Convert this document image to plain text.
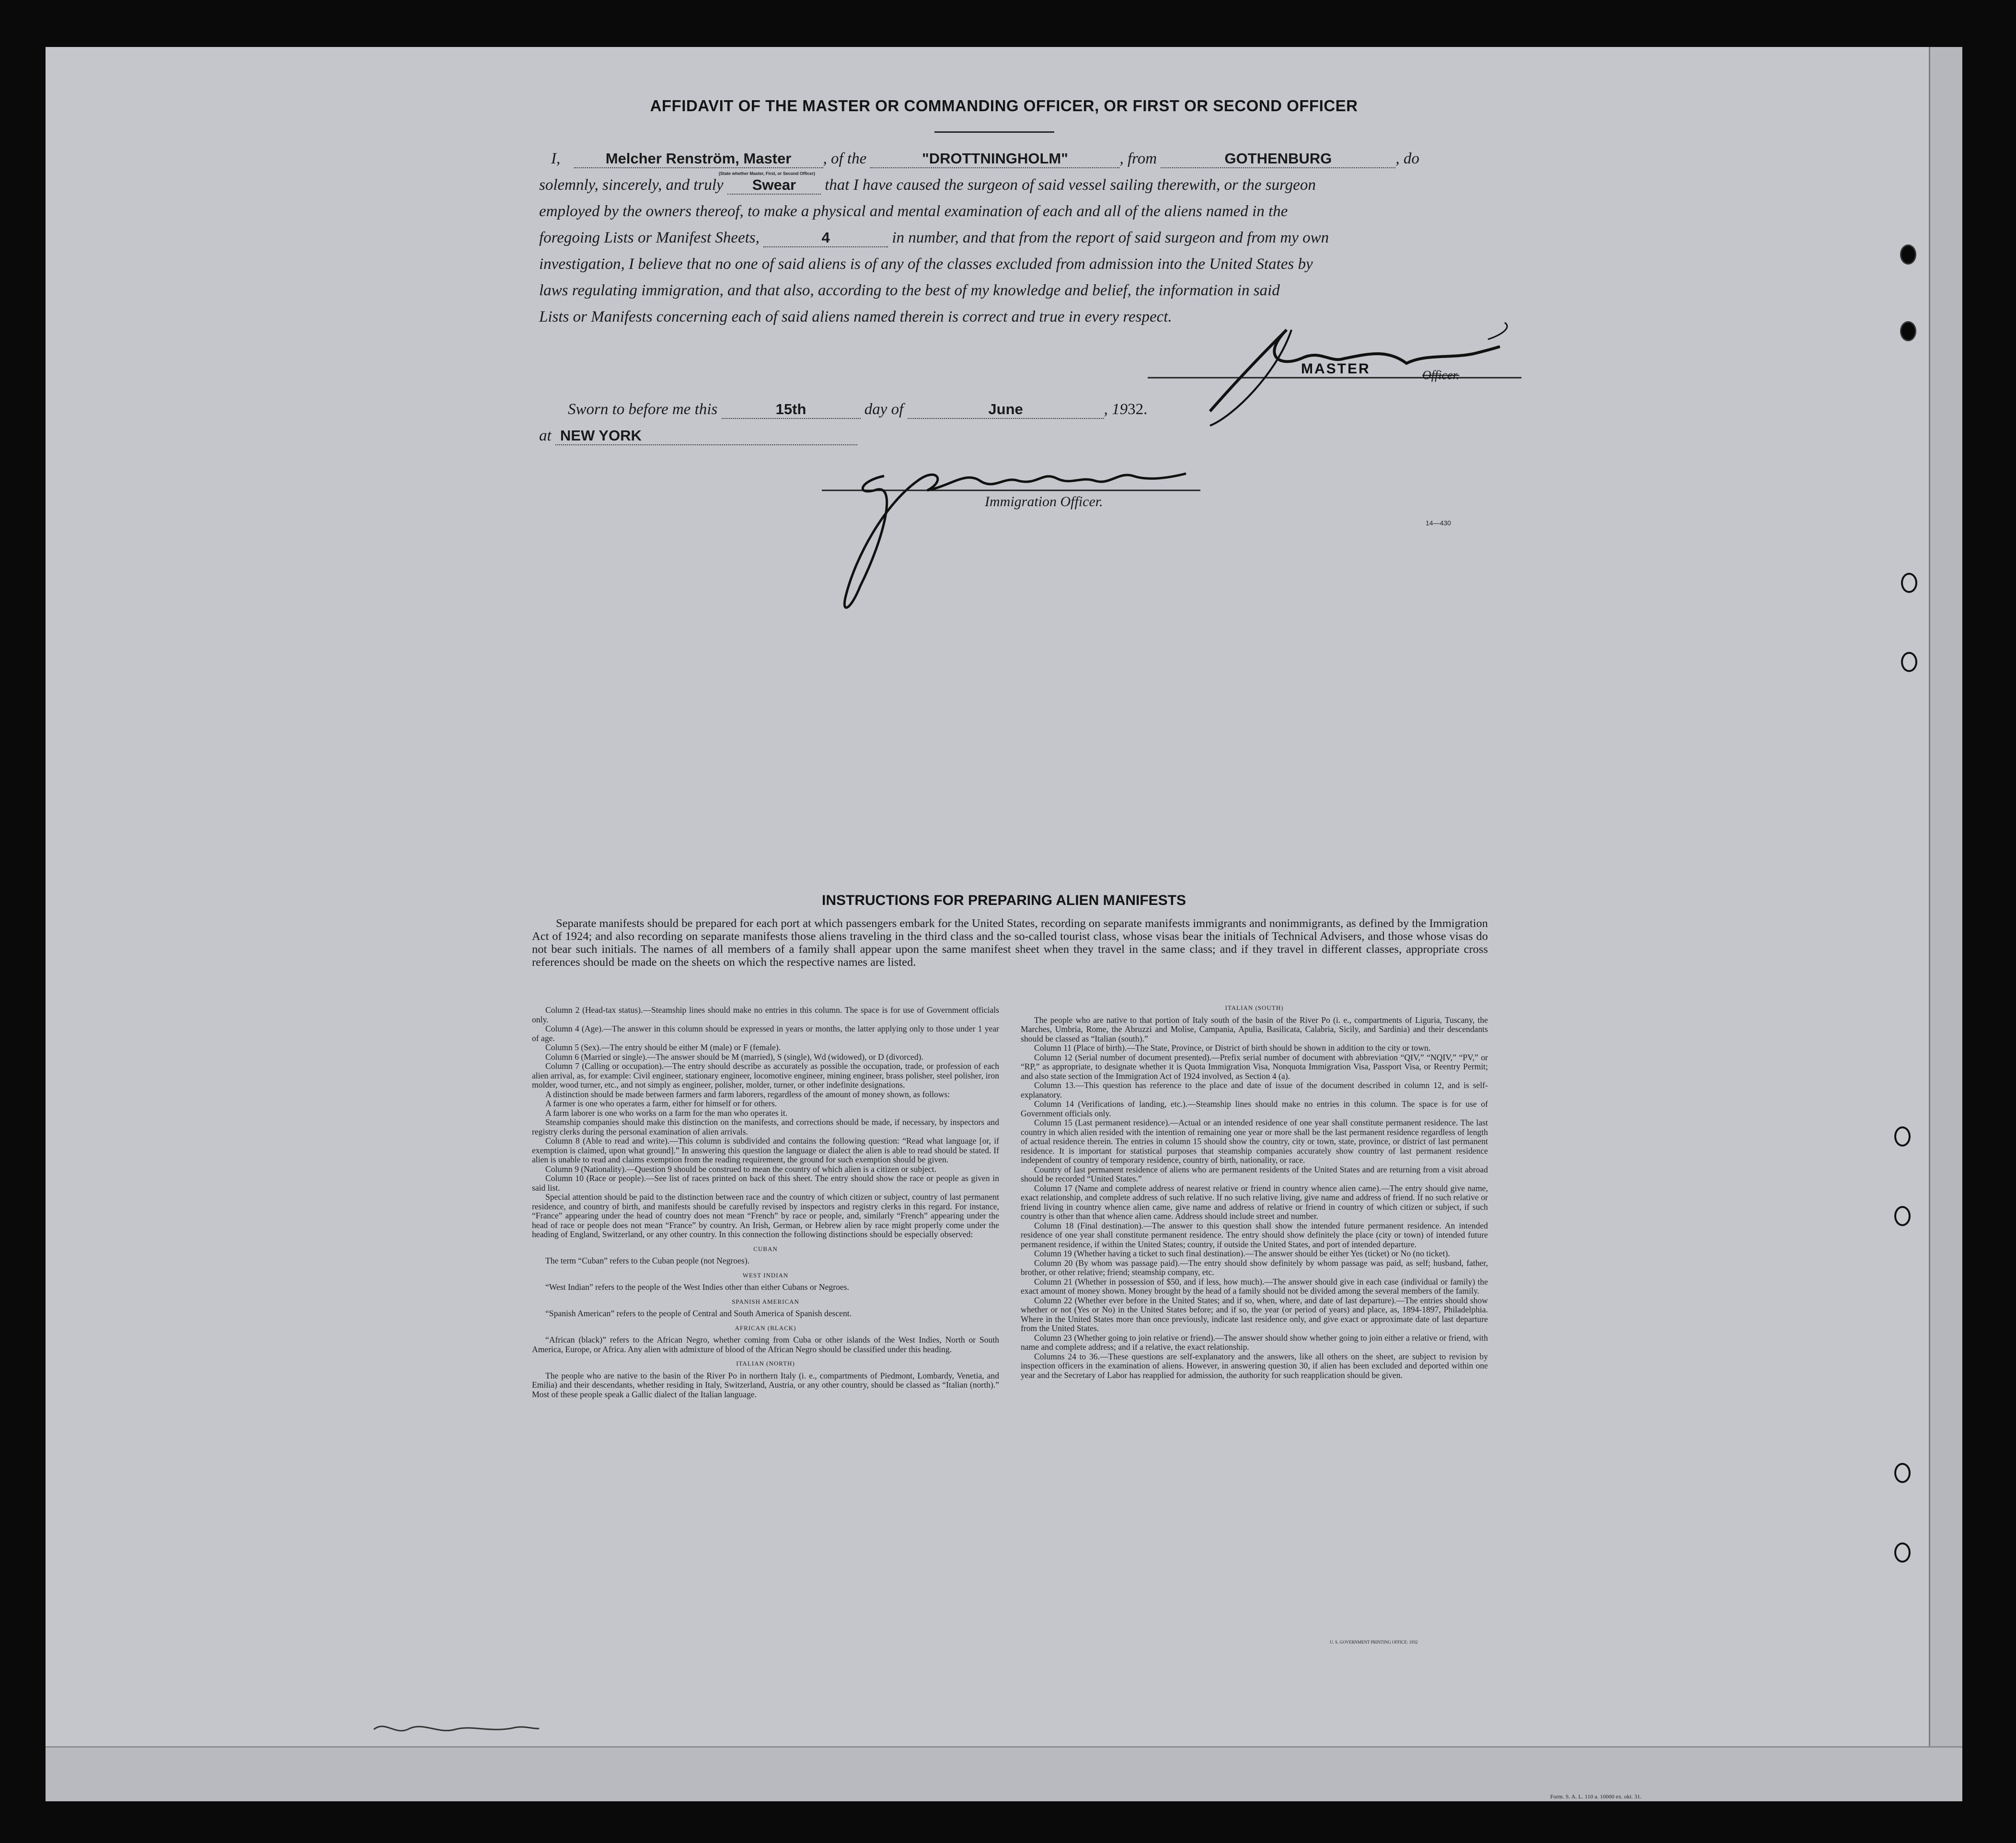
AFFIDAVIT OF THE MASTER OR COMMANDING OFFICER, OR FIRST OR SECOND OFFICER
I,	Melcher Renström, Master , of the	"DROTTNINGHOLM"	, from	GOTHENBURG	, do
solemnly, sincerely, and truly Swear
(State whether Master, First, or Second Officer)
that I have caused the surgeon of said vessel sailing therewith, or the surgeon
employed by the owners thereof, to make a physical and mental examination of each and all of the aliens named in the
foregoing Lists or Manifest Sheets,	4	in number, and that from the report of said surgeon and from my own
investigation, I believe that no one of said aliens is of any of the classes excluded from admission into the United States by
laws regulating immigration, and that also, according to the best of my knowledge and belief, the information in said
Lists or Manifests concerning each of said aliens named therein is correct and true in every respect.
MASTER	Officer.
Sworn to before me this	15th	day of	June	, 1932.
at NEW YORK
Immigration Officer.
14—430
INSTRUCTIONS FOR PREPARING ALIEN MANIFESTS
Separate manifests should be prepared for each port at which passengers embark for the United States, recording on separate manifests immigrants and nonimmigrants, as defined by the Immigration Act of 1924; and also recording on separate manifests those aliens traveling in the third class and the so-called tourist class, whose visas bear the initials of Technical Advisers, and those whose visas do not bear such initials. The names of all members of a family shall appear upon the same manifest sheet when they travel in the same class; and if they travel in different classes, appropriate cross references should be made on the sheets on which the respective names are listed.

Column 2 (Head-tax status).—Steamship lines should make no entries in this column. The space is for use of Government officials only.

Column 4 (Age).—The answer in this column should be expressed in years or months, the latter applying only to those under 1 year of age.

Column 5 (Sex).—The entry should be either M (male) or F (female).

Column 6 (Married or single).—The answer should be M (married), S (single), Wd (widowed), or D (divorced).

Column 7 (Calling or occupation).—The entry should describe as accurately as possible the occupation, trade, or profession of each alien arrival, as, for example: Civil engineer, stationary engineer, locomotive engineer, mining engineer, brass polisher, steel polisher, iron molder, wood turner, etc., and not simply as engineer, polisher, molder, turner, or other indefinite designations.

A distinction should be made between farmers and farm laborers, regardless of the amount of money shown, as follows:

A farmer is one who operates a farm, either for himself or for others.

A farm laborer is one who works on a farm for the man who operates it.

Steamship companies should make this distinction on the manifests, and corrections should be made, if necessary, by inspectors and registry clerks during the personal examination of alien arrivals.

Column 8 (Able to read and write).—This column is subdivided and contains the following question: “Read what language [or, if exemption is claimed, upon what ground].” In answering this question the language or dialect the alien is able to read should be stated. If alien is unable to read and claims exemption from the reading requirement, the ground for such exemption should be given.

Column 9 (Nationality).—Question 9 should be construed to mean the country of which alien is a citizen or subject.

Column 10 (Race or people).—See list of races printed on back of this sheet. The entry should show the race or people as given in said list.

Special attention should be paid to the distinction between race and the country of which citizen or subject, country of last permanent residence, and country of birth, and manifests should be carefully revised by inspectors and registry clerks in this regard. For instance, “France” appearing under the head of country does not mean “French” by race or people, and, similarly “French” appearing under the head of race or people does not mean “France” by country. An Irish, German, or Hebrew alien by race might properly come under the heading of England, Switzerland, or any other country. In this connection the following distinctions should be especially observed:

CUBAN

The term “Cuban” refers to the Cuban people (not Negroes).

WEST INDIAN

“West Indian” refers to the people of the West Indies other than either Cubans or Negroes.

SPANISH AMERICAN

“Spanish American” refers to the people of Central and South America of Spanish descent.

AFRICAN (BLACK)

“African (black)” refers to the African Negro, whether coming from Cuba or other islands of the West Indies, North or South America, Europe, or Africa. Any alien with admixture of blood of the African Negro should be classified under this heading.

ITALIAN (NORTH)

The people who are native to the basin of the River Po in northern Italy (i. e., compartments of Piedmont, Lombardy, Venetia, and Emilia) and their descendants, whether residing in Italy, Switzerland, Austria, or any other country, should be classed as “Italian (north).” Most of these people speak a Gallic dialect of the Italian language.

ITALIAN (SOUTH)

The people who are native to that portion of Italy south of the basin of the River Po (i. e., compartments of Liguria, Tuscany, the Marches, Umbria, Rome, the Abruzzi and Molise, Campania, Apulia, Basilicata, Calabria, Sicily, and Sardinia) and their descendants should be classed as “Italian (south).”

Column 11 (Place of birth).—The State, Province, or District of birth should be shown in addition to the city or town.

Column 12 (Serial number of document presented).—Prefix serial number of document with abbreviation “QIV,” “NQIV,” “PV,” or “RP,” as appropriate, to designate whether it is Quota Immigration Visa, Nonquota Immigration Visa, Passport Visa, or Reentry Permit; and also state section of the Immigration Act of 1924 involved, as Section 4 (a).

Column 13.—This question has reference to the place and date of issue of the document described in column 12, and is self-explanatory.

Column 14 (Verifications of landing, etc.).—Steamship lines should make no entries in this column. The space is for use of Government officials only.

Column 15 (Last permanent residence).—Actual or an intended residence of one year shall constitute permanent residence. The last country in which alien resided with the intention of remaining one year or more shall be the last permanent residence regardless of length of actual residence therein. The entries in column 15 should show the country, city or town, state, province, or district of last permanent residence. It is important for statistical purposes that steamship companies accurately show country of last permanent residence independent of country of temporary residence, country of birth, nationality, or race.

Country of last permanent residence of aliens who are permanent residents of the United States and are returning from a visit abroad should be recorded “United States.”

Column 17 (Name and complete address of nearest relative or friend in country whence alien came).—The entry should give name, exact relationship, and complete address of such relative. If no such relative living, give name and address of friend. If no such relative or friend living in country whence alien came, give name and address of relative or friend in country of which citizen or subject, if such country is other than that whence alien came. Address should include street and number.

Column 18 (Final destination).—The answer to this question shall show the intended future permanent residence. An intended residence of one year shall constitute permanent residence. The entry should show definitely the place (city or town) of intended future permanent residence, if within the United States; country, if outside the United States, and port of intended departure.

Column 19 (Whether having a ticket to such final destination).—The answer should be either Yes (ticket) or No (no ticket).

Column 20 (By whom was passage paid).—The entry should show definitely by whom passage was paid, as self; husband, father, brother, or other relative; friend; steamship company, etc.

Column 21 (Whether in possession of $50, and if less, how much).—The answer should give in each case (individual or family) the exact amount of money shown. Money brought by the head of a family should not be divided among the several members of the family.

Column 22 (Whether ever before in the United States; and if so, when, where, and date of last departure).—The entries should show whether or not (Yes or No) in the United States before; and if so, the year (or period of years) and place, as, 1894-1897, Philadelphia. Where in the United States more than once previously, indicate last residence only, and give exact or approximate date of last departure from the United States.

Column 23 (Whether going to join relative or friend).—The answer should show whether going to join either a relative or friend, with name and complete address; and if a relative, the exact relationship.

Columns 24 to 36.—These questions are self-explanatory and the answers, like all others on the sheet, are subject to revision by inspection officers in the examination of aliens. However, in answering question 30, if alien has been excluded and deported within one year and the Secretary of Labor has reapplied for admission, the authority for such reapplication should be given.

U. S. GOVERNMENT PRINTING OFFICE: 1932
Form. S. A. L. 110 a. 10000 ex. okt. 31.
